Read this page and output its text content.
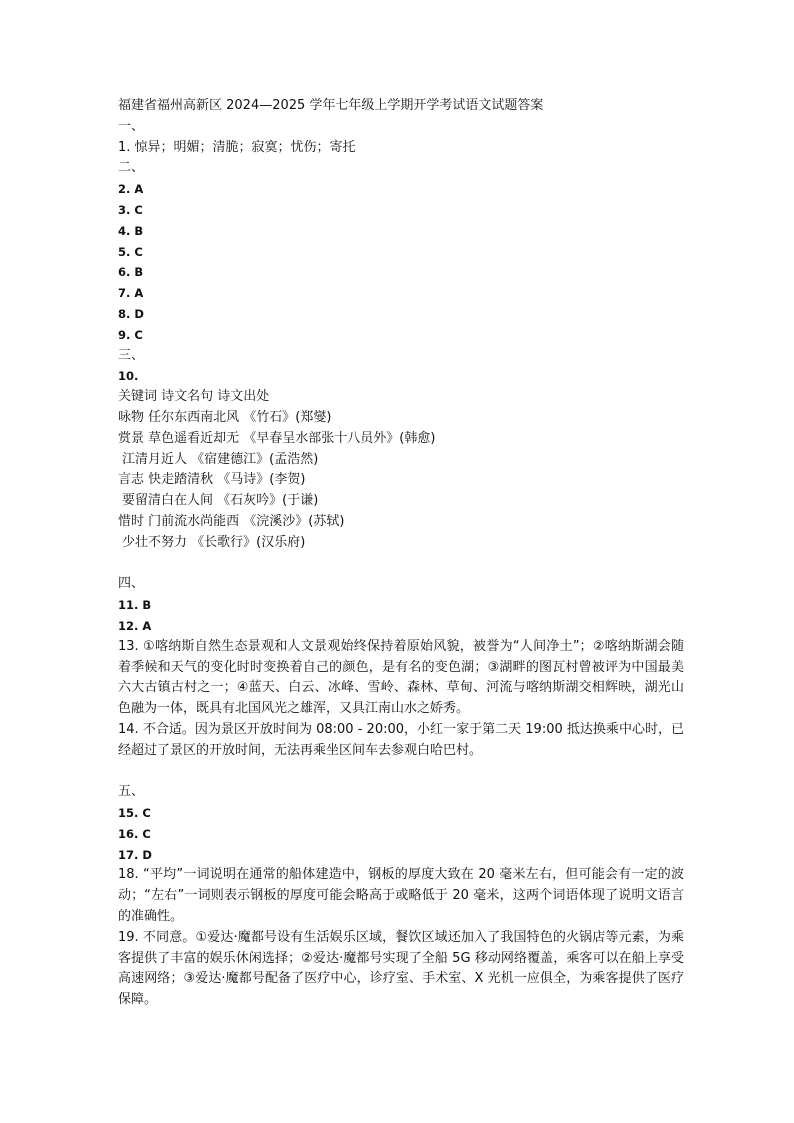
福建省福州高新区 2024—2025 学年七年级上学期开学考试语文试题答案
一、
1. 惊异；明媚；清脆；寂寞；忧伤；寄托
二、
2. A
3. C
4. B
5. C
6. B
7. A
8. D
9. C
三、
10.
关键词 诗文名句 诗文出处
咏物 任尔东西南北风 《竹石》(郑燮)
赏景 草色遥看近却无 《早春呈水部张十八员外》(韩愈)
江清月近人 《宿建德江》(孟浩然)
言志 快走踏清秋 《马诗》(李贺)
要留清白在人间 《石灰吟》(于谦)
惜时 门前流水尚能西 《浣溪沙》(苏轼)
少壮不努力 《长歌行》(汉乐府)
四、
11. B
12. A
13. ①喀纳斯自然生态景观和人文景观始终保持着原始风貌，被誉为“人间净土”；②喀纳斯湖会随着季候和天气的变化时时变换着自己的颜色，是有名的变色湖；③湖畔的图瓦村曾被评为中国最美六大古镇古村之一；④蓝天、白云、冰峰、雪岭、森林、草甸、河流与喀纳斯湖交相辉映，湖光山色融为一体，既具有北国风光之雄浑，又具江南山水之娇秀。
14. 不合适。因为景区开放时间为 08:00 - 20:00，小红一家于第二天 19:00 抵达换乘中心时，已经超过了景区的开放时间，无法再乘坐区间车去参观白哈巴村。
五、
15. C
16. C
17. D
18. “平均”一词说明在通常的船体建造中，钢板的厚度大致在 20 毫米左右，但可能会有一定的波动；“左右”一词则表示钢板的厚度可能会略高于或略低于 20 毫米，这两个词语体现了说明文语言的准确性。
19. 不同意。①爱达·魔都号设有生活娱乐区域，餐饮区域还加入了我国特色的火锅店等元素，为乘客提供了丰富的娱乐休闲选择；②爱达·魔都号实现了全船 5G 移动网络覆盖，乘客可以在船上享受高速网络；③爱达·魔都号配备了医疗中心，诊疗室、手术室、X 光机一应俱全，为乘客提供了医疗保障。
